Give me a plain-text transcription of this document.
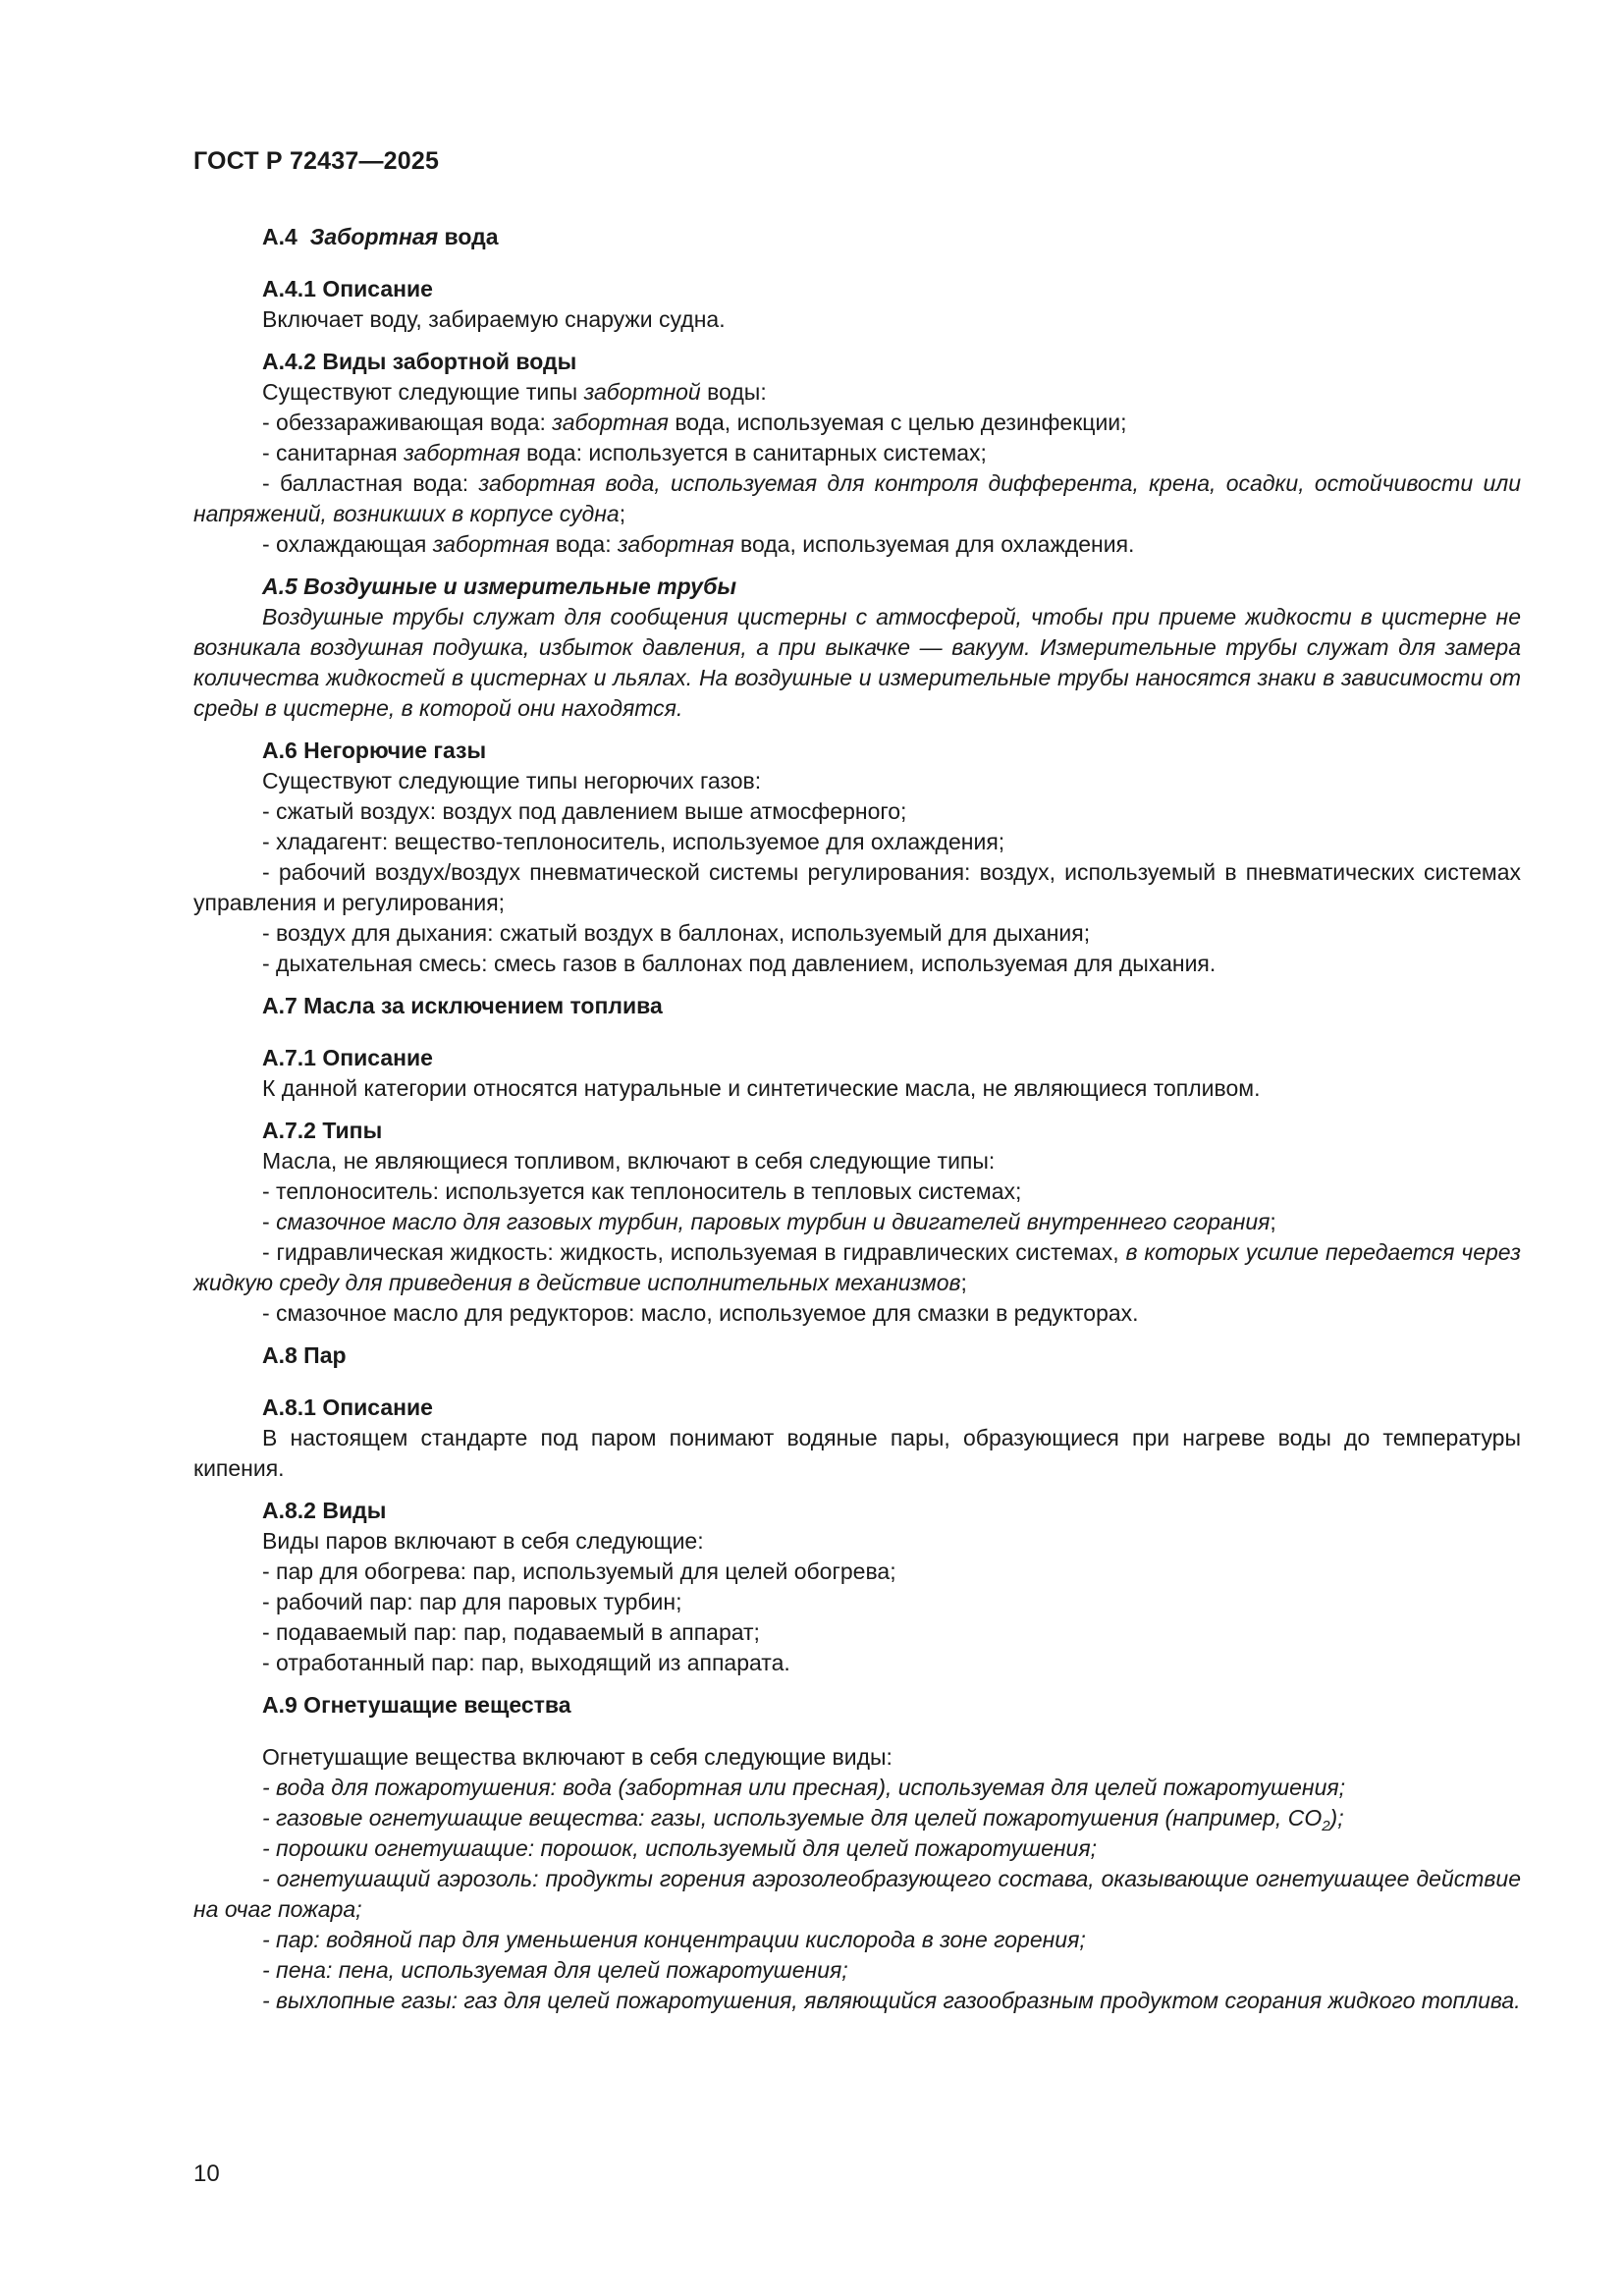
ГОСТ Р 72437—2025
А.4 Забортная вода
А.4.1 Описание
Включает воду, забираемую снаружи судна.
А.4.2 Виды забортной воды
Существуют следующие типы забортной воды:
- обеззараживающая вода: забортная вода, используемая с целью дезинфекции;
- санитарная забортная вода: используется в санитарных системах;
- балластная вода: забортная вода, используемая для контроля дифферента, крена, осадки, остойчивости или напряжений, возникших в корпусе судна;
- охлаждающая забортная вода: забортная вода, используемая для охлаждения.
А.5 Воздушные и измерительные трубы
Воздушные трубы служат для сообщения цистерны с атмосферой, чтобы при приеме жидкости в цистерне не возникала воздушная подушка, избыток давления, а при выкачке — вакуум. Измерительные трубы служат для замера количества жидкостей в цистернах и льялах. На воздушные и измерительные трубы наносятся знаки в зависимости от среды в цистерне, в которой они находятся.
А.6 Негорючие газы
Существуют следующие типы негорючих газов:
- сжатый воздух: воздух под давлением выше атмосферного;
- хладагент: вещество-теплоноситель, используемое для охлаждения;
- рабочий воздух/воздух пневматической системы регулирования: воздух, используемый в пневматических системах управления и регулирования;
- воздух для дыхания: сжатый воздух в баллонах, используемый для дыхания;
- дыхательная смесь: смесь газов в баллонах под давлением, используемая для дыхания.
А.7 Масла за исключением топлива
А.7.1 Описание
К данной категории относятся натуральные и синтетические масла, не являющиеся топливом.
А.7.2 Типы
Масла, не являющиеся топливом, включают в себя следующие типы:
- теплоноситель: используется как теплоноситель в тепловых системах;
- смазочное масло для газовых турбин, паровых турбин и двигателей внутреннего сгорания;
- гидравлическая жидкость: жидкость, используемая в гидравлических системах, в которых усилие передается через жидкую среду для приведения в действие исполнительных механизмов;
- смазочное масло для редукторов: масло, используемое для смазки в редукторах.
А.8 Пар
А.8.1 Описание
В настоящем стандарте под паром понимают водяные пары, образующиеся при нагреве воды до температуры кипения.
А.8.2 Виды
Виды паров включают в себя следующие:
- пар для обогрева: пар, используемый для целей обогрева;
- рабочий пар: пар для паровых турбин;
- подаваемый пар: пар, подаваемый в аппарат;
- отработанный пар: пар, выходящий из аппарата.
А.9 Огнетушащие вещества
Огнетушащие вещества включают в себя следующие виды:
- вода для пожаротушения: вода (забортная или пресная), используемая для целей пожаротушения;
- газовые огнетушащие вещества: газы, используемые для целей пожаротушения (например, $CO_2$);
- порошки огнетушащие: порошок, используемый для целей пожаротушения;
- огнетушащий аэрозоль: продукты горения аэрозолеобразующего состава, оказывающие огнетушащее действие на очаг пожара;
- пар: водяной пар для уменьшения концентрации кислорода в зоне горения;
- пена: пена, используемая для целей пожаротушения;
- выхлопные газы: газ для целей пожаротушения, являющийся газообразным продуктом сгорания жидкого топлива.
10
